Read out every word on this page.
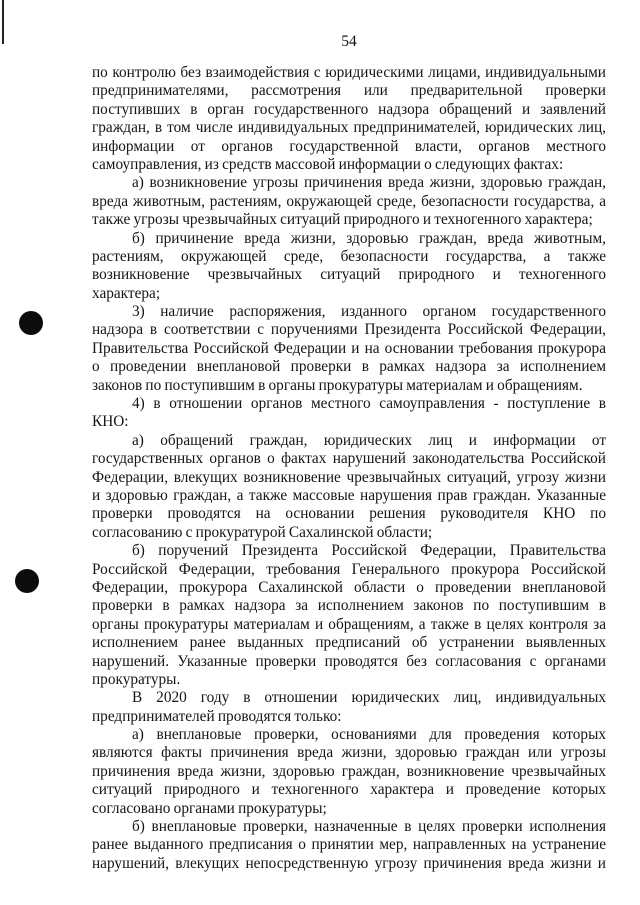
54
по контролю без взаимодействия с юридическими лицами, индивидуальными
предпринимателями, рассмотрения или предварительной проверки
поступивших в орган государственного надзора обращений и заявлений
граждан, в том числе индивидуальных предпринимателей, юридических лиц,
информации от органов государственной власти, органов местного
самоуправления, из средств массовой информации о следующих фактах:
а) возникновение угрозы причинения вреда жизни, здоровью граждан,
вреда животным, растениям, окружающей среде, безопасности государства, а
также угрозы чрезвычайных ситуаций природного и техногенного характера;
б) причинение вреда жизни, здоровью граждан, вреда животным,
растениям, окружающей среде, безопасности государства, а также
возникновение чрезвычайных ситуаций природного и техногенного
характера;
3) наличие распоряжения, изданного органом государственного
надзора в соответствии с поручениями Президента Российской Федерации,
Правительства Российской Федерации и на основании требования прокурора
о проведении внеплановой проверки в рамках надзора за исполнением
законов по поступившим в органы прокуратуры материалам и обращениям.
4) в отношении органов местного самоуправления - поступление в
КНО:
а) обращений граждан, юридических лиц и информации от
государственных органов о фактах нарушений законодательства Российской
Федерации, влекущих возникновение чрезвычайных ситуаций, угрозу жизни
и здоровью граждан, а также массовые нарушения прав граждан. Указанные
проверки проводятся на основании решения руководителя КНО по
согласованию с прокуратурой Сахалинской области;
б) поручений Президента Российской Федерации, Правительства
Российской Федерации, требования Генерального прокурора Российской
Федерации, прокурора Сахалинской области о проведении внеплановой
проверки в рамках надзора за исполнением законов по поступившим в
органы прокуратуры материалам и обращениям, а также в целях контроля за
исполнением ранее выданных предписаний об устранении выявленных
нарушений. Указанные проверки проводятся без согласования с органами
прокуратуры.
В 2020 году в отношении юридических лиц, индивидуальных
предпринимателей проводятся только:
а) внеплановые проверки, основаниями для проведения которых
являются факты причинения вреда жизни, здоровью граждан или угрозы
причинения вреда жизни, здоровью граждан, возникновение чрезвычайных
ситуаций природного и техногенного характера и проведение которых
согласовано органами прокуратуры;
б) внеплановые проверки, назначенные в целях проверки исполнения
ранее выданного предписания о принятии мер, направленных на устранение
нарушений, влекущих непосредственную угрозу причинения вреда жизни и
